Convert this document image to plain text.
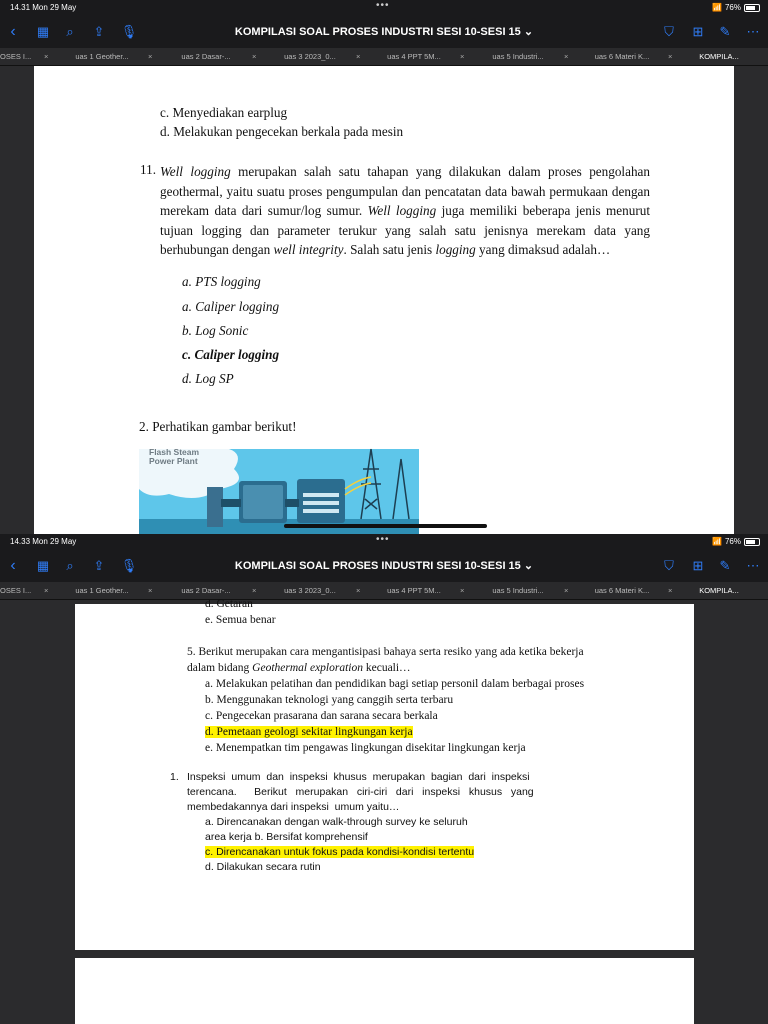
14.31 Mon 29 May	•••	📶 76%
‹	▦	⌕	⇪ 🎙	KOMPILASI SOAL PROSES INDUSTRI SESI 10-SESI 15 ⌄	⛉	⊞ ✎ ⋯
OSES I... ×	uas 1 Geother...	×	uas 2 Dasar-...	×	uas 3 2023_0...	×	uas 4 PPT 5M...	×	uas 5 Industri...	×	uas 6 Materi K... ×	KOMPILA...
c. Menyediakan earplug
d. Melakukan pengecekan berkala pada mesin
11. Well logging merupakan salah satu tahapan yang dilakukan dalam proses pengolahan geothermal, yaitu suatu proses pengumpulan dan pencatatan data bawah permukaan dengan merekam data dari sumur/log sumur. Well logging juga memiliki beberapa jenis menurut tujuan logging dan parameter terukur yang salah satu jenisnya merekam data yang berhubungan dengan well integrity. Salah satu jenis logging yang dimaksud adalah…
a. PTS logging
a. Caliper logging
b. Log Sonic
c. Caliper logging
d. Log SP
2. Perhatikan gambar berikut!
Flash Steam
Power Plant
14.33 Mon 29 May	•••	📶 76%
‹	▦	⌕	⇪ 🎙	KOMPILASI SOAL PROSES INDUSTRI SESI 10-SESI 15 ⌄	⛉	⊞ ✎ ⋯
OSES I... ×	uas 1 Geother...	×	uas 2 Dasar-...	×	uas 3 2023_0...	×	uas 4 PPT 5M...	×	uas 5 Industri...	×	uas 6 Materi K... ×	KOMPILA...
d. Getaran
e. Semua benar
5. Berikut merupakan cara mengantisipasi bahaya serta resiko yang ada ketika bekerja
dalam bidang Geothermal exploration kecuali…
a. Melakukan pelatihan dan pendidikan bagi setiap personil dalam berbagai proses
b. Menggunakan teknologi yang canggih serta terbaru
c. Pengecekan prasarana dan sarana secara berkala
d. Pemetaan geologi sekitar lingkungan kerja
e. Menempatkan tim pengawas lingkungan disekitar lingkungan kerja
1. Inspeksi  umum  dan  inspeksi  khusus  merupakan  bagian  dari  inspeksi
terencana.      Berikut   merupakan   ciri-ciri   dari   inspeksi   khusus   yang
membedakannya dari inspeksi  umum yaitu…
a. Direncanakan dengan walk-through survey ke seluruh
area kerja b. Bersifat komprehensif
c. Direncanakan untuk fokus pada kondisi-kondisi tertentu
d. Dilakukan secara rutin
